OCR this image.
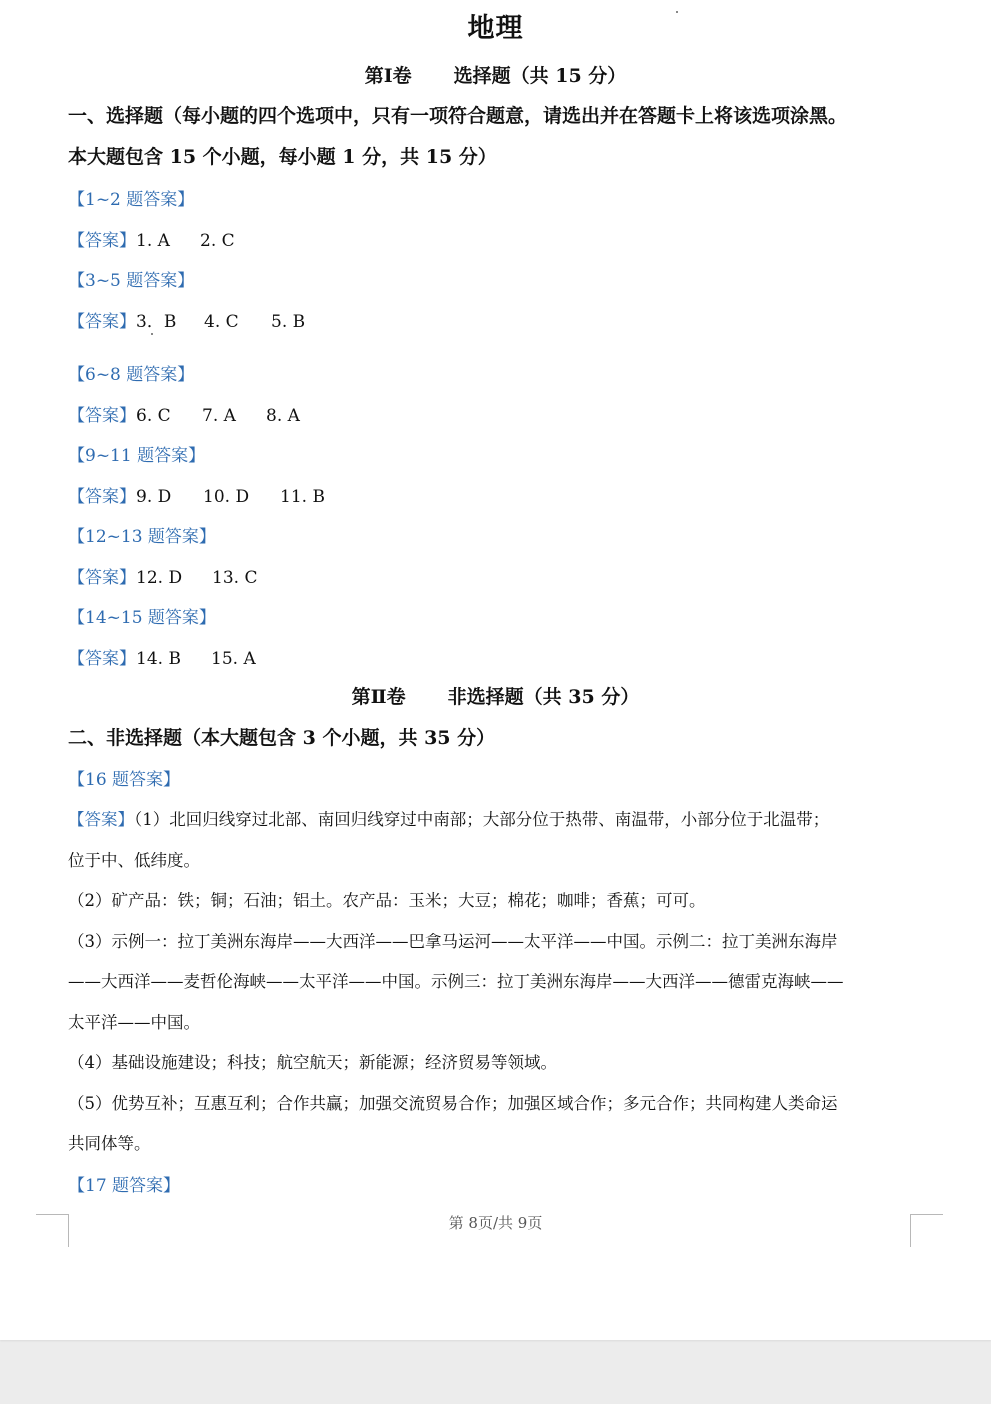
地理
第Ⅰ卷 选择题（共 15 分）
一、选择题（每小题的四个选项中，只有一项符合题意，请选出并在答题卡上将该选项涂黑。
本大题包含 15 个小题，每小题 1 分，共 15 分）
【1~2 题答案】
【答案】1. A 2. C
【3~5 题答案】
【答案】3．B 4. C 5. B
【6~8 题答案】
【答案】6. C 7. A 8. A
【9~11 题答案】
【答案】9. D 10. D 11. B
【12~13 题答案】
【答案】12. D 13. C
【14~15 题答案】
【答案】14. B 15. A
第Ⅱ卷 非选择题（共 35 分）
二、非选择题（本大题包含 3 个小题，共 35 分）
【16 题答案】
【答案】（1）北回归线穿过北部、南回归线穿过中南部；大部分位于热带、南温带，小部分位于北温带；
位于中、低纬度。
（2）矿产品：铁；铜；石油；铝土。农产品：玉米；大豆；棉花；咖啡；香蕉；可可。
（3）示例一：拉丁美洲东海岸——大西洋——巴拿马运河——太平洋——中国。示例二：拉丁美洲东海岸
——大西洋——麦哲伦海峡——太平洋——中国。示例三：拉丁美洲东海岸——大西洋——德雷克海峡——
太平洋——中国。
（4）基础设施建设；科技；航空航天；新能源；经济贸易等领域。
（5）优势互补；互惠互利；合作共赢；加强交流贸易合作；加强区域合作；多元合作；共同构建人类命运
共同体等。
【17 题答案】
第 8页/共 9页
